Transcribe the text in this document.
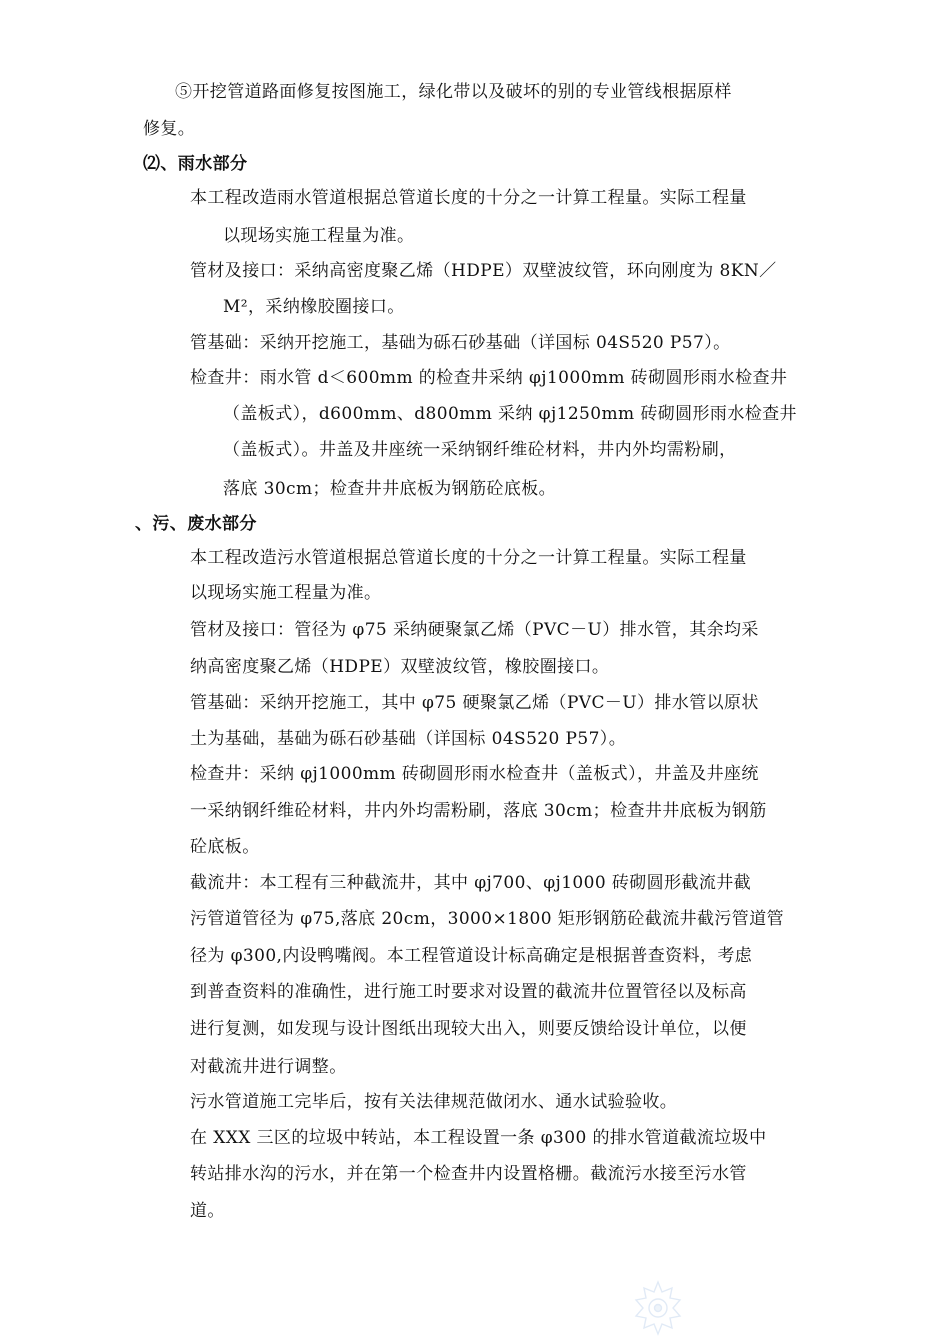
⑤开挖管道路面修复按图施工，绿化带以及破坏的别的专业管线根据原样
修复。
⑵、雨水部分
本工程改造雨水管道根据总管道长度的十分之一计算工程量。实际工程量
以现场实施工程量为准。
管材及接口：采纳高密度聚乙烯（HDPE）双壁波纹管，环向刚度为 8KN／
M²，采纳橡胶圈接口。
管基础：采纳开挖施工，基础为砾石砂基础（详国标 04S520 P57）。
检查井：雨水管 d＜600mm 的检查井采纳 φj1000mm 砖砌圆形雨水检查井
（盖板式），d600mm、d800mm 采纳 φj1250mm 砖砌圆形雨水检查井
（盖板式）。井盖及井座统一采纳钢纤维砼材料，井内外均需粉刷，
落底 30cm；检查井井底板为钢筋砼底板。
、污、废水部分
本工程改造污水管道根据总管道长度的十分之一计算工程量。实际工程量
以现场实施工程量为准。
管材及接口：管径为 φ75 采纳硬聚氯乙烯（PVC－U）排水管，其余均采
纳高密度聚乙烯（HDPE）双壁波纹管，橡胶圈接口。
管基础：采纳开挖施工，其中 φ75 硬聚氯乙烯（PVC－U）排水管以原状
土为基础，基础为砾石砂基础（详国标 04S520 P57）。
检查井：采纳 φj1000mm 砖砌圆形雨水检查井（盖板式），井盖及井座统
一采纳钢纤维砼材料，井内外均需粉刷，落底 30cm；检查井井底板为钢筋
砼底板。
截流井：本工程有三种截流井，其中 φj700、φj1000 砖砌圆形截流井截
污管道管径为 φ75,落底 20cm，3000×1800 矩形钢筋砼截流井截污管道管
径为 φ300,内设鸭嘴阀。本工程管道设计标高确定是根据普查资料，考虑
到普查资料的准确性，进行施工时要求对设置的截流井位置管径以及标高
进行复测，如发现与设计图纸出现较大出入，则要反馈给设计单位，以便
对截流井进行调整。
污水管道施工完毕后，按有关法律规范做闭水、通水试验验收。
在 XXX 三区的垃圾中转站，本工程设置一条 φ300 的排水管道截流垃圾中
转站排水沟的污水，并在第一个检查井内设置格栅。截流污水接至污水管
道。
